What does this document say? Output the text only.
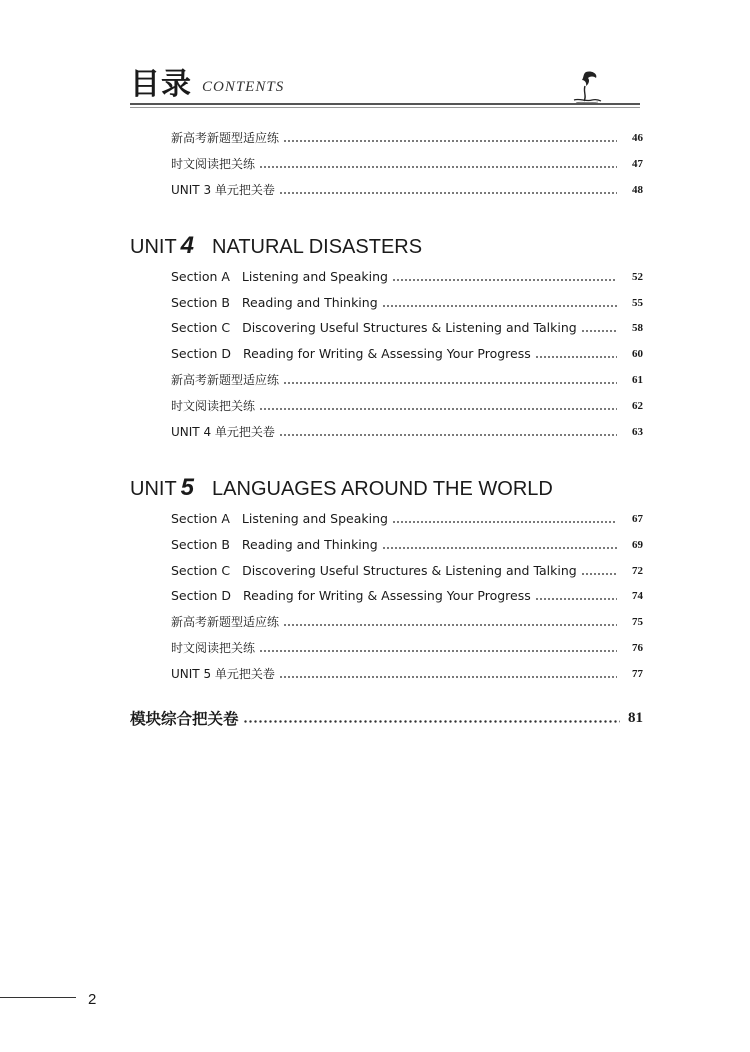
目录 CONTENTS
新高考新题型适应练	46
时文阅读把关练	47
UNIT 3 单元把关卷	48
UNIT 4 NATURAL DISASTERS
Section A   Listening and Speaking	52
Section B   Reading and Thinking	55
Section C   Discovering Useful Structures & Listening and Talking	58
Section D   Reading for Writing & Assessing Your Progress	60
新高考新题型适应练	61
时文阅读把关练	62
UNIT 4 单元把关卷	63
UNIT 5 LANGUAGES AROUND THE WORLD
Section A   Listening and Speaking	67
Section B   Reading and Thinking	69
Section C   Discovering Useful Structures & Listening and Talking	72
Section D   Reading for Writing & Assessing Your Progress	74
新高考新题型适应练	75
时文阅读把关练	76
UNIT 5 单元把关卷	77
模块综合把关卷	81
2
